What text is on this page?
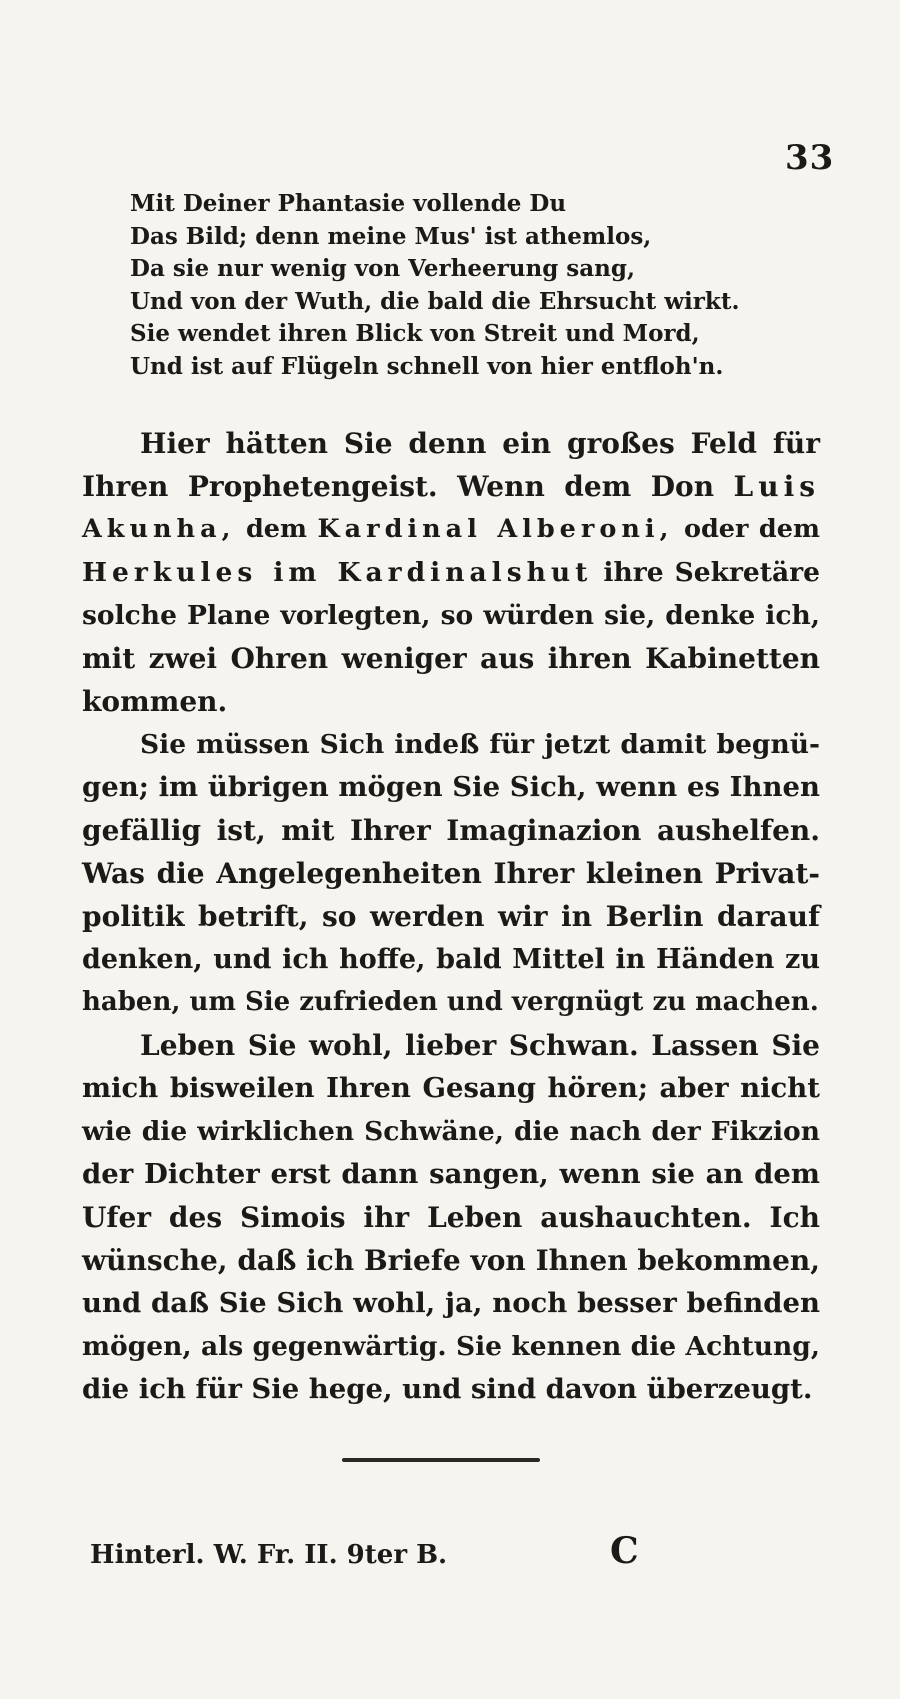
33
Mit Deiner Phantasie vollende Du
Das Bild; denn meine Mus' ist athemlos,
Da sie nur wenig von Verheerung sang,
Und von der Wuth, die bald die Ehrsucht wirkt.
Sie wendet ihren Blick von Streit und Mord,
Und ist auf Flügeln schnell von hier entfloh'n.
Hier hätten Sie denn ein großes Feld für
Ihren Prophetengeist. Wenn dem Don Luis
Akunha, dem Kardinal Alberoni, oder dem
Herkules im Kardinalshut ihre Sekretäre
solche Plane vorlegten, so würden sie, denke ich,
mit zwei Ohren weniger aus ihren Kabinetten
kommen.
Sie müssen Sich indeß für jetzt damit begnü-
gen; im übrigen mögen Sie Sich, wenn es Ihnen
gefällig ist, mit Ihrer Imaginazion aushelfen.
Was die Angelegenheiten Ihrer kleinen Privat-
politik betrift, so werden wir in Berlin darauf
denken, und ich hoffe, bald Mittel in Händen zu
haben, um Sie zufrieden und vergnügt zu machen.
Leben Sie wohl, lieber Schwan. Lassen Sie
mich bisweilen Ihren Gesang hören; aber nicht
wie die wirklichen Schwäne, die nach der Fikzion
der Dichter erst dann sangen, wenn sie an dem
Ufer des Simois ihr Leben aushauchten. Ich
wünsche, daß ich Briefe von Ihnen bekommen,
und daß Sie Sich wohl, ja, noch besser befinden
mögen, als gegenwärtig. Sie kennen die Achtung,
die ich für Sie hege, und sind davon überzeugt.
Hinterl. W. Fr. II. 9ter B.	C
